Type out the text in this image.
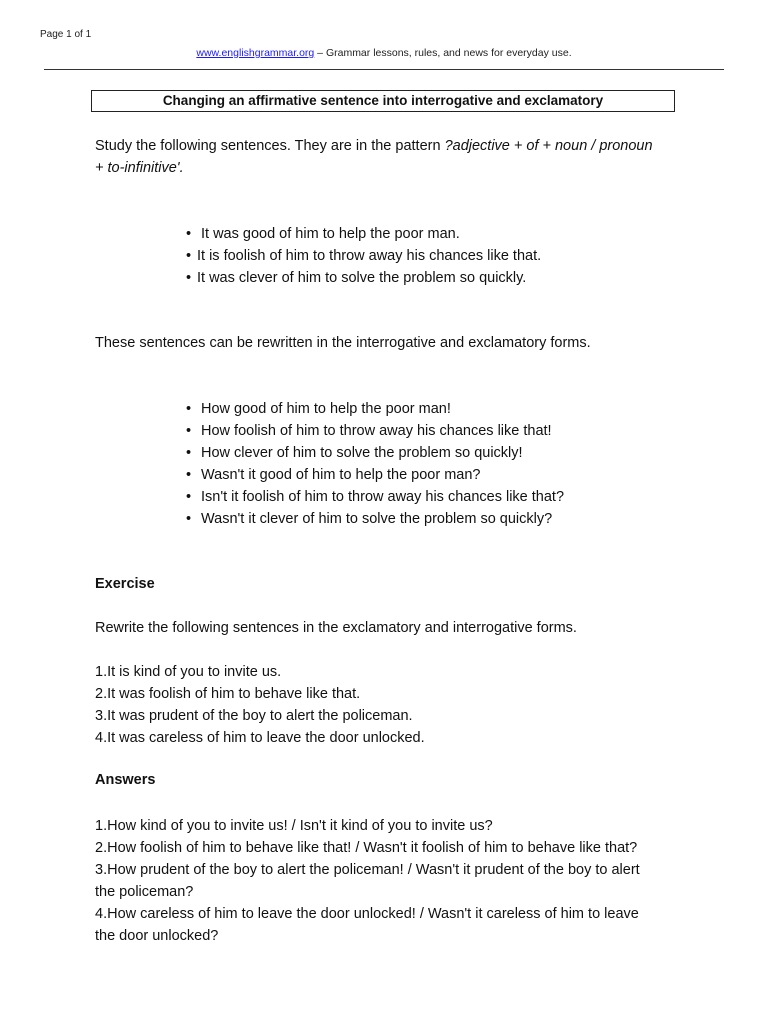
Page 1 of 1
www.englishgrammar.org – Grammar lessons, rules, and news for everyday use.
Changing an affirmative sentence into interrogative and exclamatory
Study the following sentences. They are in the pattern ?adjective + of + noun / pronoun + to-infinitive'.
• It was good of him to help the poor man.
• It is foolish of him to throw away his chances like that.
• It was clever of him to solve the problem so quickly.
These sentences can be rewritten in the interrogative and exclamatory forms.
• How good of him to help the poor man!
• How foolish of him to throw away his chances like that!
• How clever of him to solve the problem so quickly!
• Wasn't it good of him to help the poor man?
• Isn't it foolish of him to throw away his chances like that?
• Wasn't it clever of him to solve the problem so quickly?
Exercise
Rewrite the following sentences in the exclamatory and interrogative forms.
1.It is kind of you to invite us.
2.It was foolish of him to behave like that.
3.It was prudent of the boy to alert the policeman.
4.It was careless of him to leave the door unlocked.
Answers
1.How kind of you to invite us! / Isn't it kind of you to invite us?
2.How foolish of him to behave like that! / Wasn't it foolish of him to behave like that?
3.How prudent of the boy to alert the policeman! / Wasn't it prudent of the boy to alert the policeman?
4.How careless of him to leave the door unlocked! / Wasn't it careless of him to leave the door unlocked?
